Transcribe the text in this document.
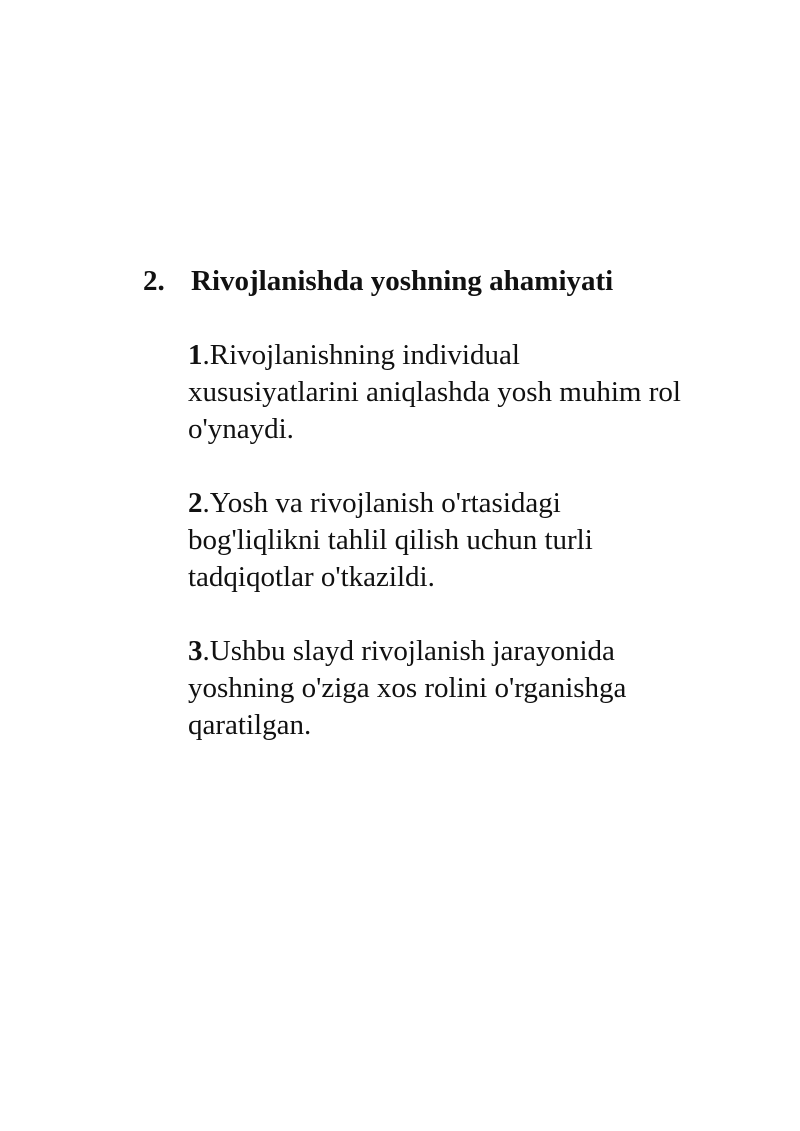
2. Rivojlanishda yoshning ahamiyati
1.Rivojlanishning individual
xususiyatlarini aniqlashda yosh muhim rol
o'ynaydi.
2.Yosh va rivojlanish o'rtasidagi
bog'liqlikni tahlil qilish uchun turli
tadqiqotlar o'tkazildi.
3.Ushbu slayd rivojlanish jarayonida
yoshning o'ziga xos rolini o'rganishga
qaratilgan.
